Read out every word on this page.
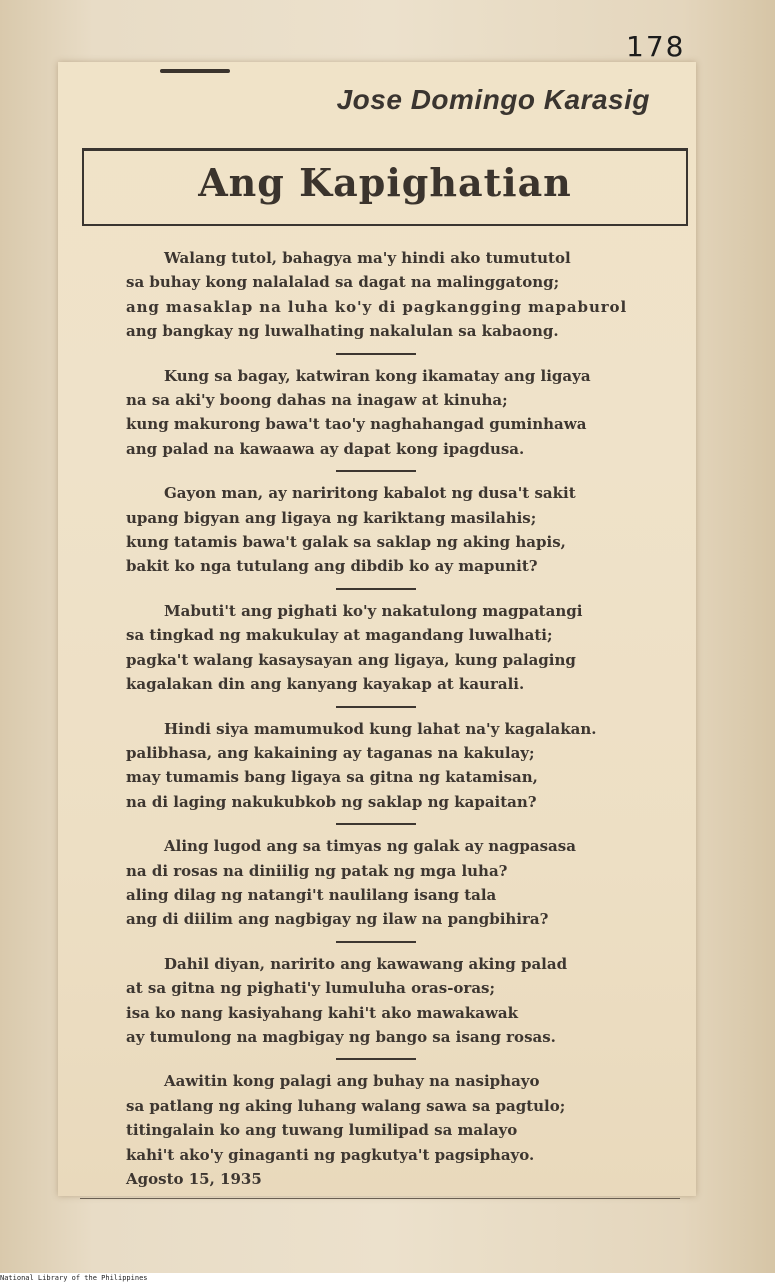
178
Jose Domingo Karasig
Ang Kapighatian
Walang tutol, bahagya ma'y hindi ako tumututol
sa buhay kong nalalalad sa dagat na malinggatong;
ang masaklap na luha ko'y di pagkangging mapaburol
ang bangkay ng luwalhating nakalulan sa kabaong.
Kung sa bagay, katwiran kong ikamatay ang ligaya
na sa aki'y boong dahas na inagaw at kinuha;
kung makurong bawa't tao'y naghahangad guminhawa
ang palad na kawaawa ay dapat kong ipagdusa.
Gayon man, ay nariritong kabalot ng dusa't sakit
upang bigyan ang ligaya ng kariktang masilahis;
kung tatamis bawa't galak sa saklap ng aking hapis,
bakit ko nga tutulang ang dibdib ko ay mapunit?
Mabuti't ang pighati ko'y nakatulong magpatangi
sa tingkad ng makukulay at magandang luwalhati;
pagka't walang kasaysayan ang ligaya, kung palaging
kagalakan din ang kanyang kayakap at kaurali.
Hindi siya mamumukod kung lahat na'y kagalakan.
palibhasa, ang kakaining ay taganas na kakulay;
may tumamis bang ligaya sa gitna ng katamisan,
na di laging nakukubkob ng saklap ng kapaitan?
Aling lugod ang sa timyas ng galak ay nagpasasa
na di rosas na diniilig ng patak ng mga luha?
aling dilag ng natangi't naulilang isang tala
ang di diilim ang nagbigay ng ilaw na pangbihira?
Dahil diyan, naririto ang kawawang aking palad
at sa gitna ng pighati'y lumuluha oras-oras;
isa ko nang kasiyahang kahi't ako mawakawak
ay tumulong na magbigay ng bango sa isang rosas.
Aawitin kong palagi ang buhay na nasiphayo
sa patlang ng aking luhang walang sawa sa pagtulo;
titingalain ko ang tuwang lumilipad sa malayo
kahi't ako'y ginaganti ng pagkutya't pagsiphayo.
Agosto 15, 1935
National Library of the Philippines
